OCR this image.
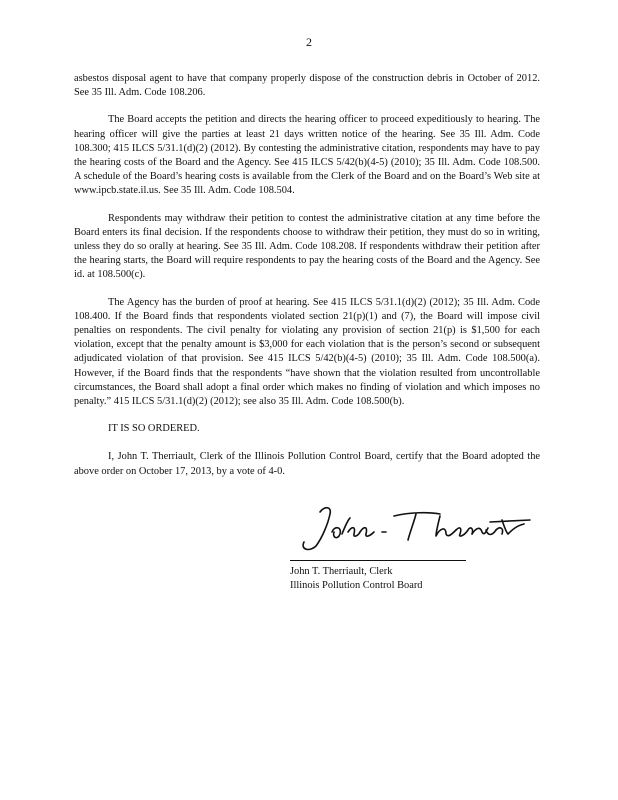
2

asbestos disposal agent to have that company properly dispose of the construction debris in October of 2012. See 35 Ill. Adm. Code 108.206.

The Board accepts the petition and directs the hearing officer to proceed expeditiously to hearing. The hearing officer will give the parties at least 21 days written notice of the hearing. See 35 Ill. Adm. Code 108.300; 415 ILCS 5/31.1(d)(2) (2012). By contesting the administrative citation, respondents may have to pay the hearing costs of the Board and the Agency. See 415 ILCS 5/42(b)(4-5) (2010); 35 Ill. Adm. Code 108.500. A schedule of the Board’s hearing costs is available from the Clerk of the Board and on the Board’s Web site at www.ipcb.state.il.us. See 35 Ill. Adm. Code 108.504.

Respondents may withdraw their petition to contest the administrative citation at any time before the Board enters its final decision. If the respondents choose to withdraw their petition, they must do so in writing, unless they do so orally at hearing. See 35 Ill. Adm. Code 108.208. If respondents withdraw their petition after the hearing starts, the Board will require respondents to pay the hearing costs of the Board and the Agency. See id. at 108.500(c).

The Agency has the burden of proof at hearing. See 415 ILCS 5/31.1(d)(2) (2012); 35 Ill. Adm. Code 108.400. If the Board finds that respondents violated section 21(p)(1) and (7), the Board will impose civil penalties on respondents. The civil penalty for violating any provision of section 21(p) is $1,500 for each violation, except that the penalty amount is $3,000 for each violation that is the person’s second or subsequent adjudicated violation of that provision. See 415 ILCS 5/42(b)(4-5) (2010); 35 Ill. Adm. Code 108.500(a). However, if the Board finds that the respondents “have shown that the violation resulted from uncontrollable circumstances, the Board shall adopt a final order which makes no finding of violation and which imposes no penalty.” 415 ILCS 5/31.1(d)(2) (2012); see also 35 Ill. Adm. Code 108.500(b).

IT IS SO ORDERED.

I, John T. Therriault, Clerk of the Illinois Pollution Control Board, certify that the Board adopted the above order on October 17, 2013, by a vote of 4-0.

John T. Therriault, Clerk
Illinois Pollution Control Board
